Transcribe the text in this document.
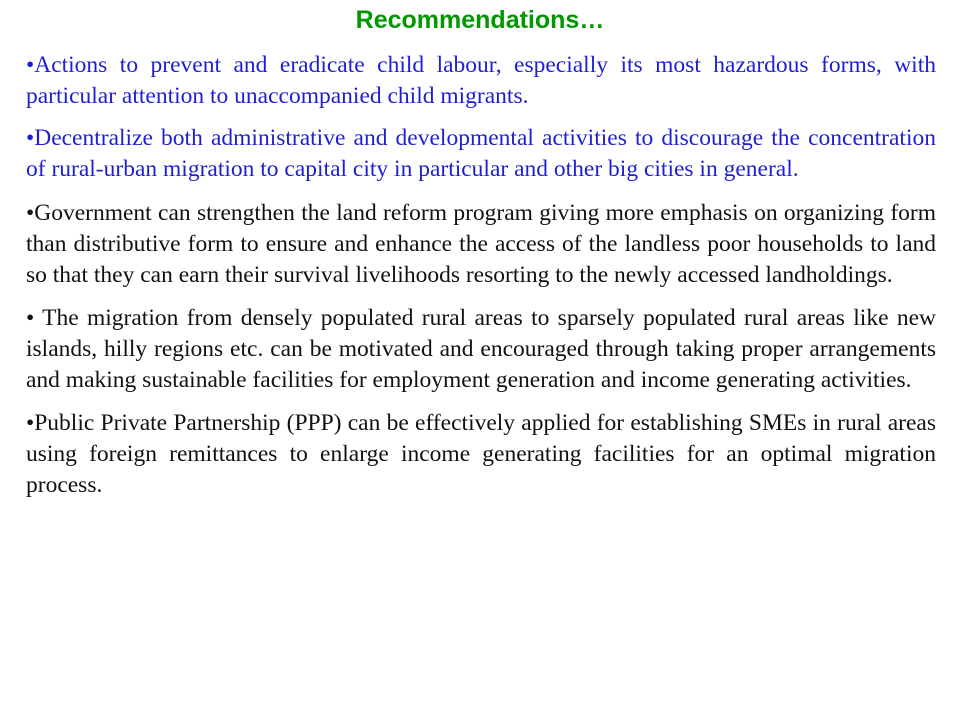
Recommendations…
•Actions to prevent and eradicate child labour, especially its most hazardous forms, with particular attention to unaccompanied child migrants.
•Decentralize both administrative and developmental activities to discourage the concentration of rural-urban migration to capital city in particular and other big cities in general.
•Government can strengthen the land reform program giving more emphasis on organizing form than distributive form to ensure and enhance the access of the landless poor households to land so that they can earn their survival livelihoods resorting to the newly accessed landholdings.
• The migration from densely populated rural areas to sparsely populated rural areas like new islands, hilly regions etc. can be motivated and encouraged through taking proper arrangements and making sustainable facilities for employment generation and income generating activities.
•Public Private Partnership (PPP) can be effectively applied for establishing SMEs in rural areas using foreign remittances to enlarge income generating facilities for an optimal migration process.
